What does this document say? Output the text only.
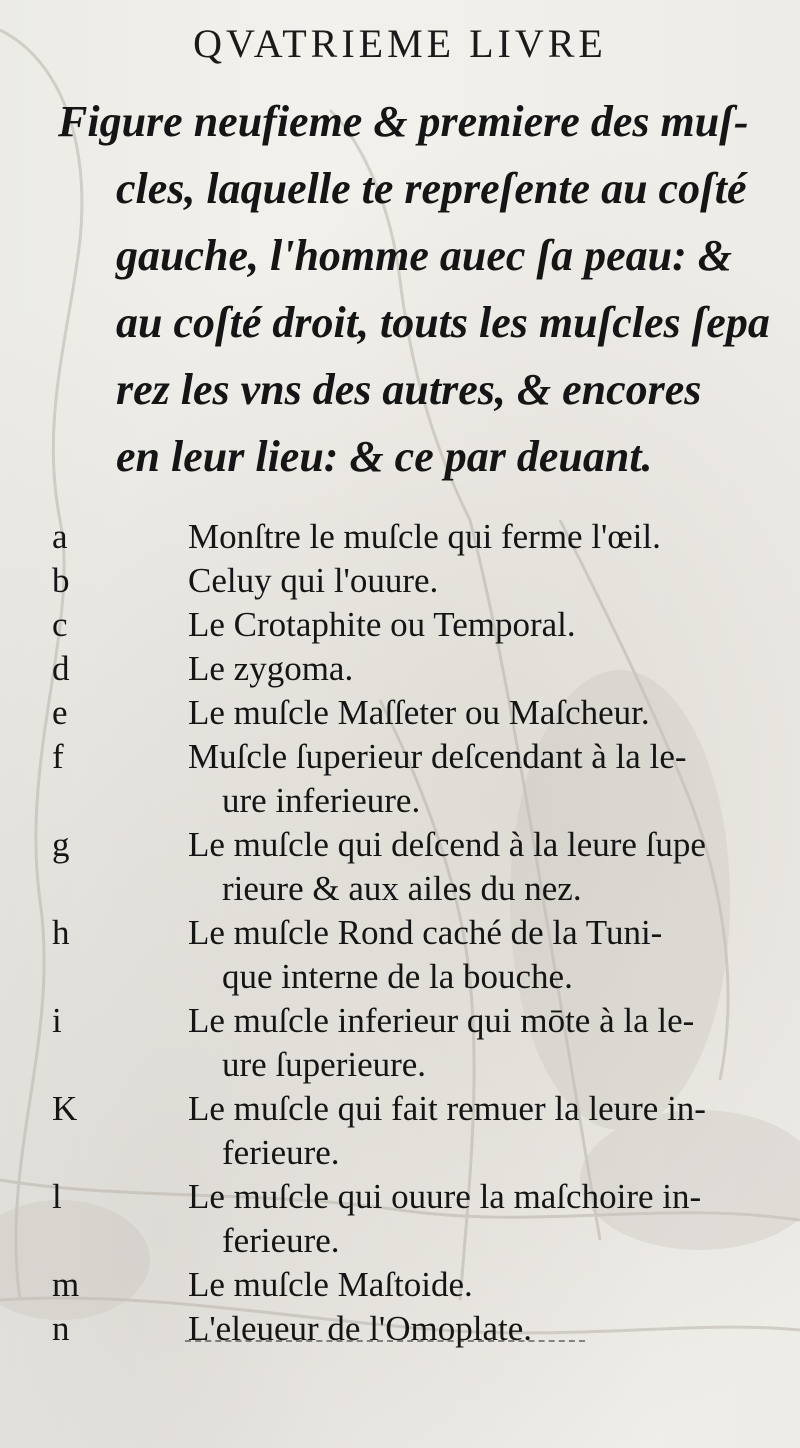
QVATRIEME LIVRE
Figure neufieme & premiere des muſ-
cles, laquelle te repreſente au coſté
gauche, l'homme auec ſa peau: &
au coſté droit, touts les muſcles ſepa
rez les vns des autres, & encores
en leur lieu: & ce par deuant.
a	Monſtre le muſcle qui ferme l'œil.
b	Celuy qui l'ouure.
c	Le Crotaphite ou Temporal.
d	Le zygoma.
e	Le muſcle Maſſeter ou Maſcheur.
f	Muſcle ſuperieur deſcendant à la le-
ure inferieure.
g	Le muſcle qui deſcend à la leure ſupe
rieure & aux ailes du nez.
h	Le muſcle Rond caché de la Tuni-
que interne de la bouche.
i	Le muſcle inferieur qui mōte à la le-
ure ſuperieure.
K	Le muſcle qui fait remuer la leure in-
ferieure.
l	Le muſcle qui ouure la maſchoire in-
ferieure.
m	Le muſcle Maſtoide.
n	L'eleueur de l'Omoplate.
